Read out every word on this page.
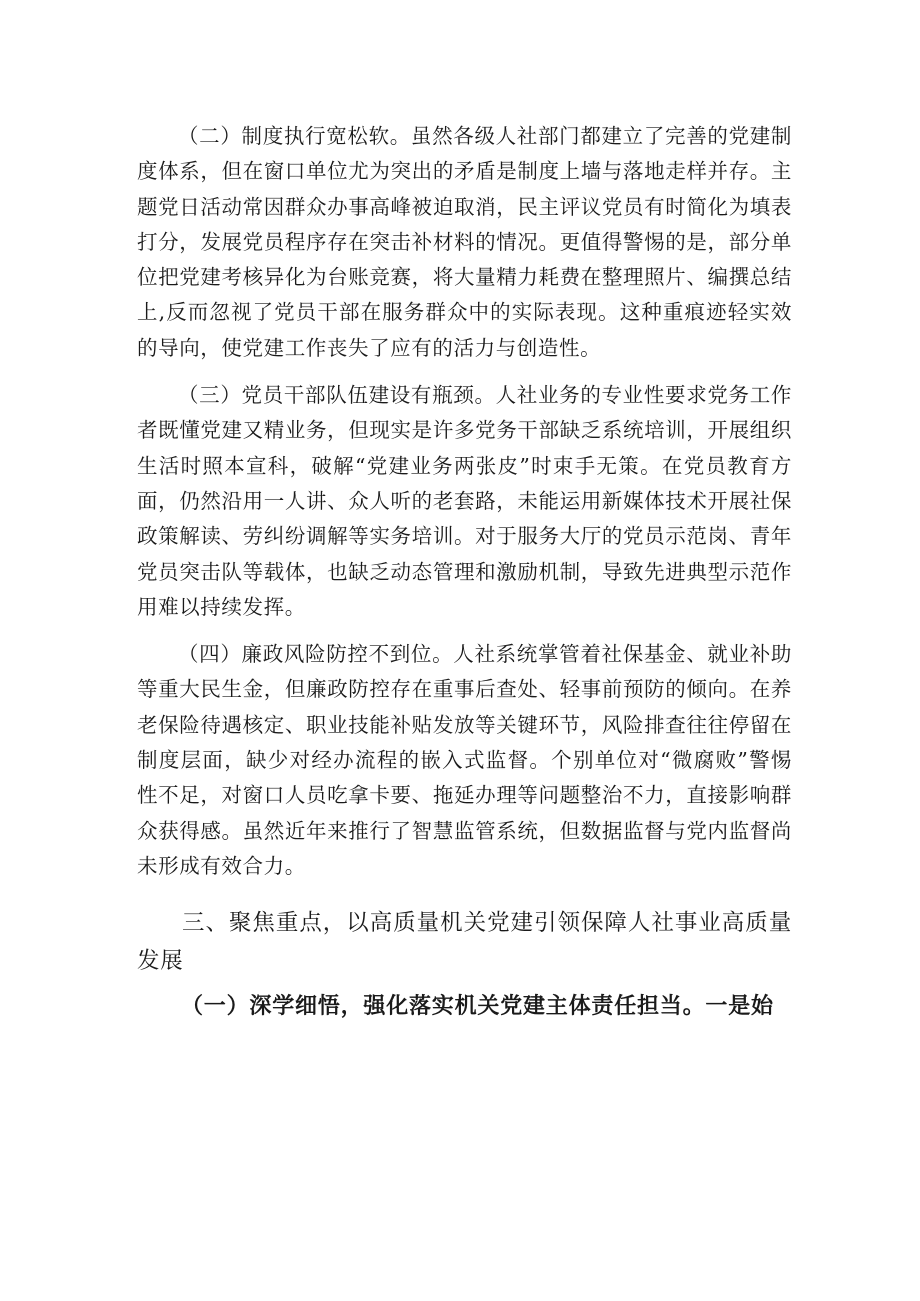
（二）制度执行宽松软。虽然各级人社部门都建立了完善的党建制度体系，但在窗口单位尤为突出的矛盾是制度上墙与落地走样并存。主题党日活动常因群众办事高峰被迫取消，民主评议党员有时简化为填表打分，发展党员程序存在突击补材料的情况。更值得警惕的是，部分单位把党建考核异化为台账竞赛，将大量精力耗费在整理照片、编撰总结上,反而忽视了党员干部在服务群众中的实际表现。这种重痕迹轻实效的导向，使党建工作丧失了应有的活力与创造性。

（三）党员干部队伍建设有瓶颈。人社业务的专业性要求党务工作者既懂党建又精业务，但现实是许多党务干部缺乏系统培训，开展组织生活时照本宣科，破解“党建业务两张皮”时束手无策。在党员教育方面，仍然沿用一人讲、众人听的老套路，未能运用新媒体技术开展社保政策解读、劳纠纷调解等实务培训。对于服务大厅的党员示范岗、青年党员突击队等载体，也缺乏动态管理和激励机制，导致先进典型示范作用难以持续发挥。

（四）廉政风险防控不到位。人社系统掌管着社保基金、就业补助等重大民生金，但廉政防控存在重事后查处、轻事前预防的倾向。在养老保险待遇核定、职业技能补贴发放等关键环节，风险排查往往停留在制度层面，缺少对经办流程的嵌入式监督。个别单位对“微腐败”警惕性不足，对窗口人员吃拿卡要、拖延办理等问题整治不力，直接影响群众获得感。虽然近年来推行了智慧监管系统，但数据监督与党内监督尚未形成有效合力。

三、聚焦重点，以高质量机关党建引领保障人社事业高质量发展

（一）深学细悟，强化落实机关党建主体责任担当。一是始
